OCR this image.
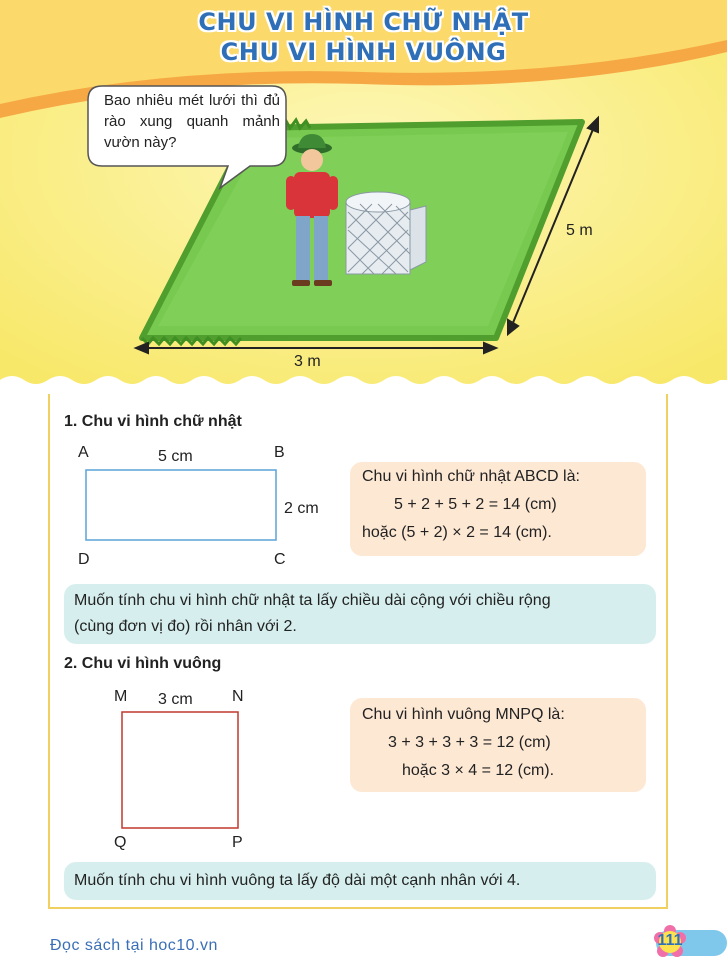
CHU VI HÌNH CHỮ NHẬT
CHU VI HÌNH VUÔNG
Bao nhiêu mét lưới thì đủ rào xung quanh mảnh vườn này?
3 m
5 m
1. Chu vi hình chữ nhật
A	B
D	C
5 cm
2 cm
Chu vi hình chữ nhật ABCD là:
5 + 2 + 5 + 2 = 14 (cm)
hoặc (5 + 2) × 2 = 14 (cm).
Muốn tính chu vi hình chữ nhật ta lấy chiều dài cộng với chiều rộng
(cùng đơn vị đo) rồi nhân với 2.
2. Chu vi hình vuông
M	N
Q	P
3 cm
Chu vi hình vuông MNPQ là:
3 + 3 + 3 + 3 = 12 (cm)
hoặc 3 × 4 = 12 (cm).
Muốn tính chu vi hình vuông ta lấy độ dài một cạnh nhân với 4.
Đọc sách tại hoc10.vn	111
